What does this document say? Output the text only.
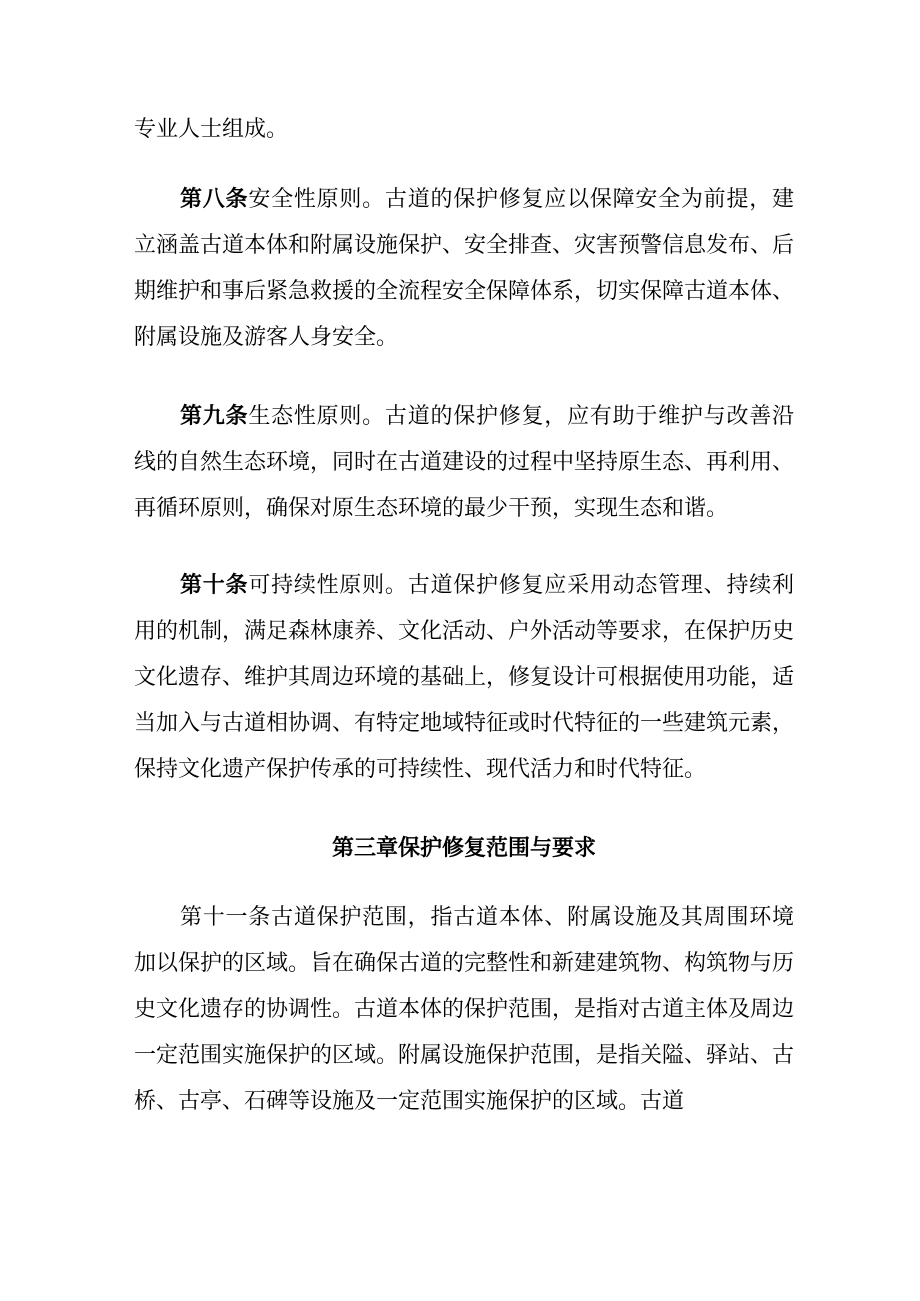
专业人士组成。

第八条安全性原则。古道的保护修复应以保障安全为前提，建立涵盖古道本体和附属设施保护、安全排查、灾害预警信息发布、后期维护和事后紧急救援的全流程安全保障体系，切实保障古道本体、附属设施及游客人身安全。

第九条生态性原则。古道的保护修复，应有助于维护与改善沿线的自然生态环境，同时在古道建设的过程中坚持原生态、再利用、再循环原则，确保对原生态环境的最少干预，实现生态和谐。

第十条可持续性原则。古道保护修复应采用动态管理、持续利用的机制，满足森林康养、文化活动、户外活动等要求，在保护历史文化遗存、维护其周边环境的基础上，修复设计可根据使用功能，适当加入与古道相协调、有特定地域特征或时代特征的一些建筑元素，保持文化遗产保护传承的可持续性、现代活力和时代特征。

第三章保护修复范围与要求

第十一条古道保护范围，指古道本体、附属设施及其周围环境加以保护的区域。旨在确保古道的完整性和新建建筑物、构筑物与历史文化遗存的协调性。古道本体的保护范围，是指对古道主体及周边一定范围实施保护的区域。附属设施保护范围，是指关隘、驿站、古桥、古亭、石碑等设施及一定范围实施保护的区域。古道
